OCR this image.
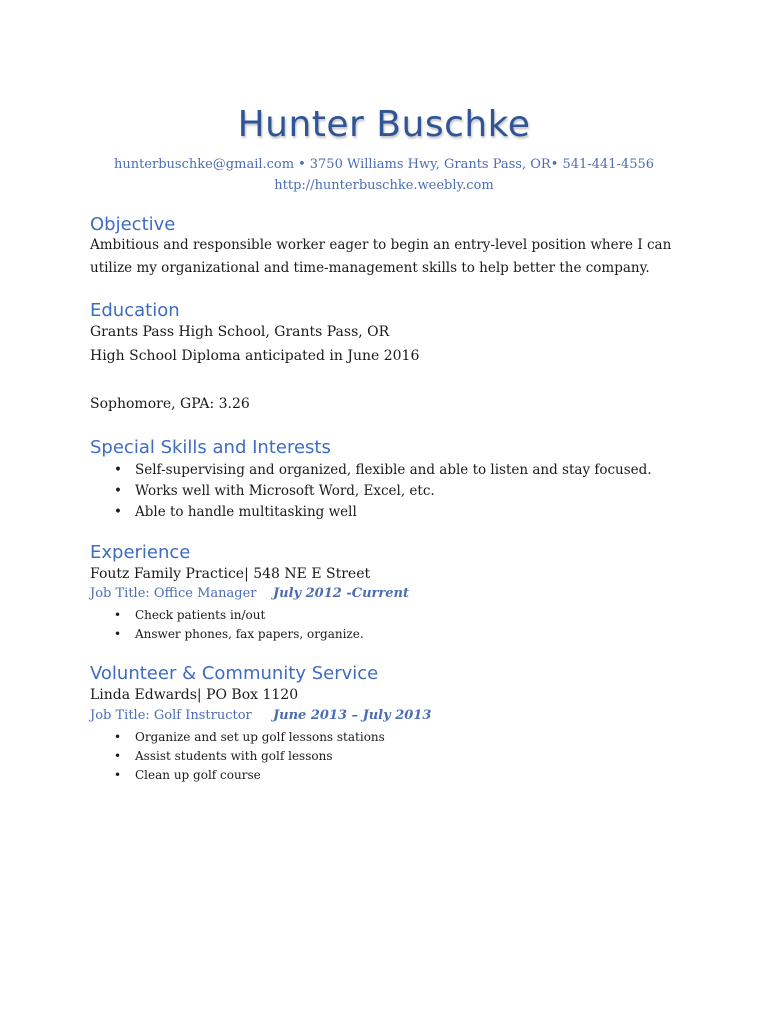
Hunter Buschke
hunterbuschke@gmail.com • 3750 Williams Hwy, Grants Pass, OR• 541-441-4556
http://hunterbuschke.weebly.com
Objective
Ambitious and responsible worker eager to begin an entry-level position where I can utilize my organizational and time-management skills to help better the company.
Education
Grants Pass High School, Grants Pass, OR
High School Diploma anticipated in June 2016
Sophomore, GPA: 3.26
Special Skills and Interests
• Self-supervising and organized, flexible and able to listen and stay focused.
• Works well with Microsoft Word, Excel, etc.
• Able to handle multitasking well
Experience
Foutz Family Practice| 548 NE E Street
Job Title: Office Manager July 2012 -Current
• Check patients in/out
• Answer phones, fax papers, organize.
Volunteer & Community Service
Linda Edwards| PO Box 1120
Job Title: Golf Instructor June 2013 – July 2013
• Organize and set up golf lessons stations
• Assist students with golf lessons
• Clean up golf course
